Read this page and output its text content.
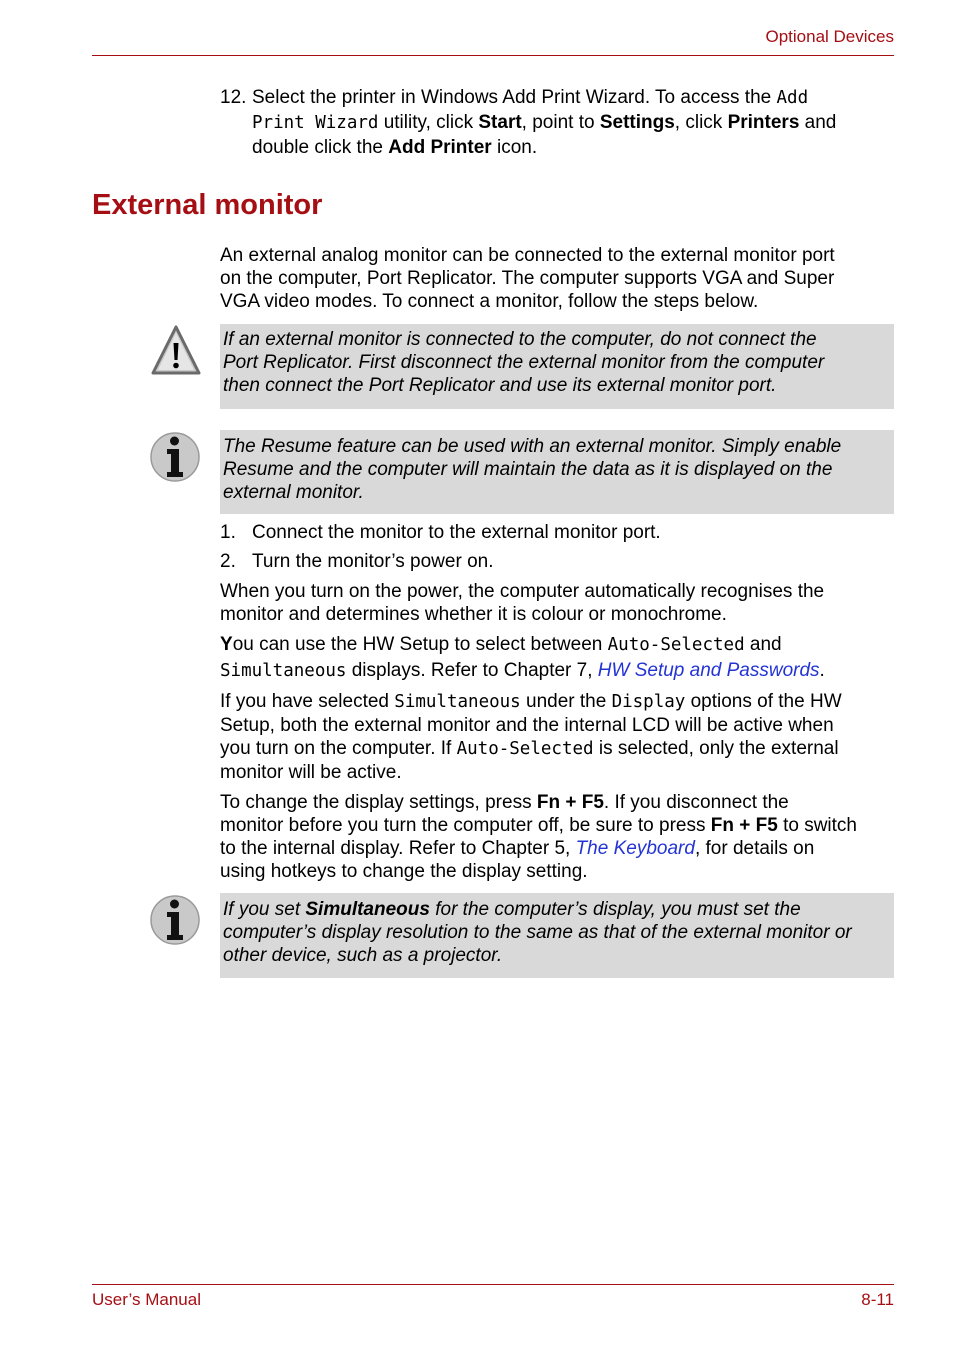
Optional Devices
12. Select the printer in Windows Add Print Wizard. To access the Add

Print Wizard utility, click Start, point to Settings, click Printers and

double click the Add Printer icon.

External monitor

An external analog monitor can be connected to the external monitor port

on the computer, Port Replicator. The computer supports VGA and Super

VGA video modes. To connect a monitor, follow the steps below.

If an external monitor is connected to the computer, do not connect the

Port Replicator. First disconnect the external monitor from the computer

then connect the Port Replicator and use its external monitor port.

The Resume feature can be used with an external monitor. Simply enable

Resume and the computer will maintain the data as it is displayed on the

external monitor.

1. Connect the monitor to the external monitor port.
2. Turn the monitor’s power on.

When you turn on the power, the computer automatically recognises the

monitor and determines whether it is colour or monochrome.

You can use the HW Setup to select between Auto-Selected and

Simultaneous displays. Refer to Chapter 7, HW Setup and Passwords.

If you have selected Simultaneous under the Display options of the HW

Setup, both the external monitor and the internal LCD will be active when

you turn on the computer. If Auto-Selected is selected, only the external

monitor will be active.

To change the display settings, press Fn + F5. If you disconnect the

monitor before you turn the computer off, be sure to press Fn + F5 to switch

to the internal display. Refer to Chapter 5, The Keyboard, for details on

using hotkeys to change the display setting.

If you set Simultaneous for the computer’s display, you must set the

computer’s display resolution to the same as that of the external monitor or

other device, such as a projector.

User’s Manual	8-11
